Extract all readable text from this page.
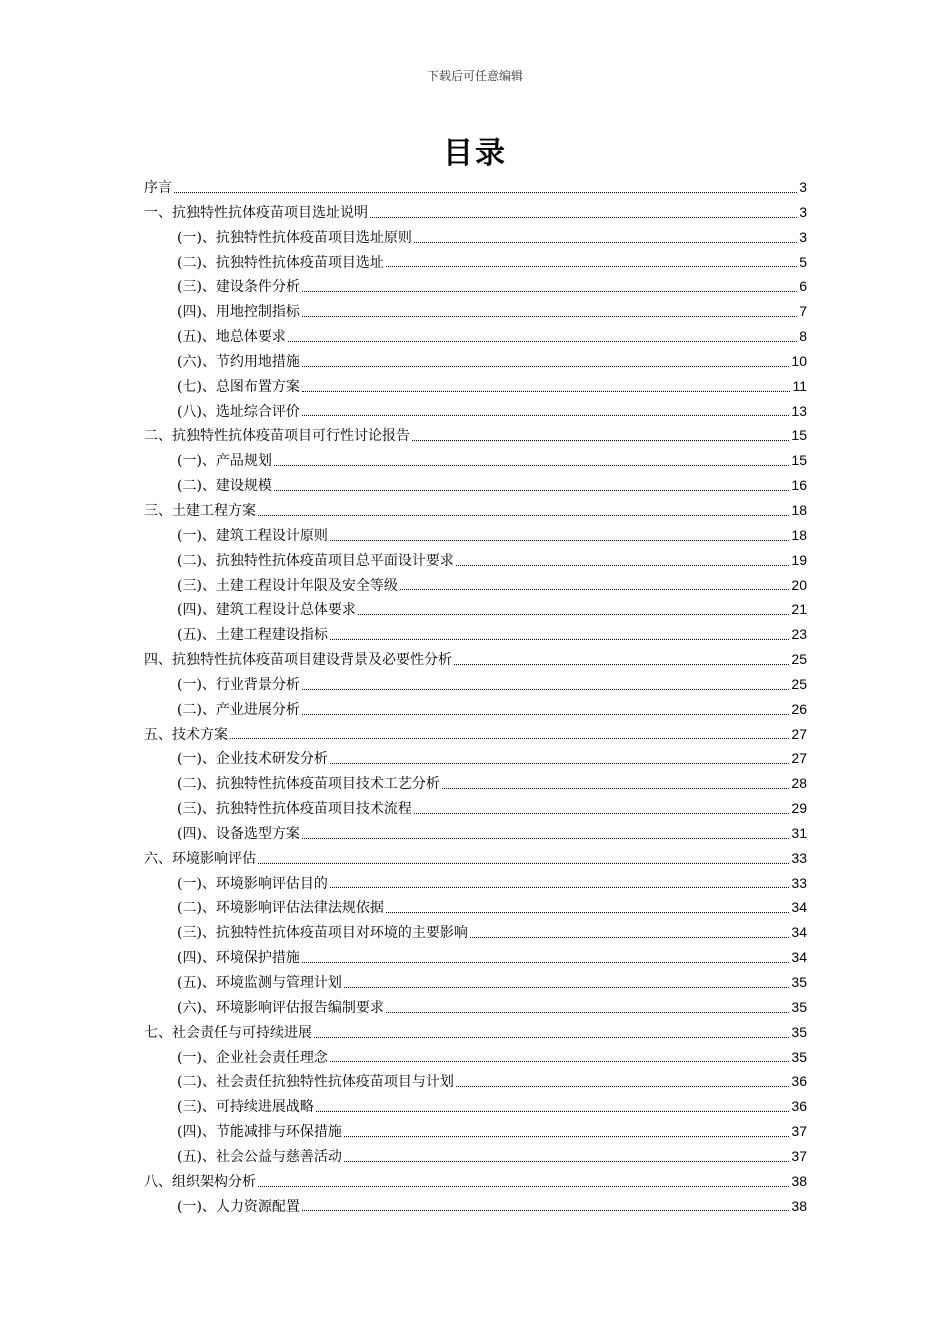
下载后可任意编辑
目录
序言	3
一、抗独特性抗体疫苗项目选址说明	3
(一)、抗独特性抗体疫苗项目选址原则	3
(二)、抗独特性抗体疫苗项目选址	5
(三)、建设条件分析	6
(四)、用地控制指标	7
(五)、地总体要求	8
(六)、节约用地措施	10
(七)、总图布置方案	11
(八)、选址综合评价	13
二、抗独特性抗体疫苗项目可行性讨论报告	15
(一)、产品规划	15
(二)、建设规模	16
三、土建工程方案	18
(一)、建筑工程设计原则	18
(二)、抗独特性抗体疫苗项目总平面设计要求	19
(三)、土建工程设计年限及安全等级	20
(四)、建筑工程设计总体要求	21
(五)、土建工程建设指标	23
四、抗独特性抗体疫苗项目建设背景及必要性分析	25
(一)、行业背景分析	25
(二)、产业进展分析	26
五、技术方案	27
(一)、企业技术研发分析	27
(二)、抗独特性抗体疫苗项目技术工艺分析	28
(三)、抗独特性抗体疫苗项目技术流程	29
(四)、设备选型方案	31
六、环境影响评估	33
(一)、环境影响评估目的	33
(二)、环境影响评估法律法规依据	34
(三)、抗独特性抗体疫苗项目对环境的主要影响	34
(四)、环境保护措施	34
(五)、环境监测与管理计划	35
(六)、环境影响评估报告编制要求	35
七、社会责任与可持续进展	35
(一)、企业社会责任理念	35
(二)、社会责任抗独特性抗体疫苗项目与计划	36
(三)、可持续进展战略	36
(四)、节能减排与环保措施	37
(五)、社会公益与慈善活动	37
八、组织架构分析	38
(一)、人力资源配置	38
